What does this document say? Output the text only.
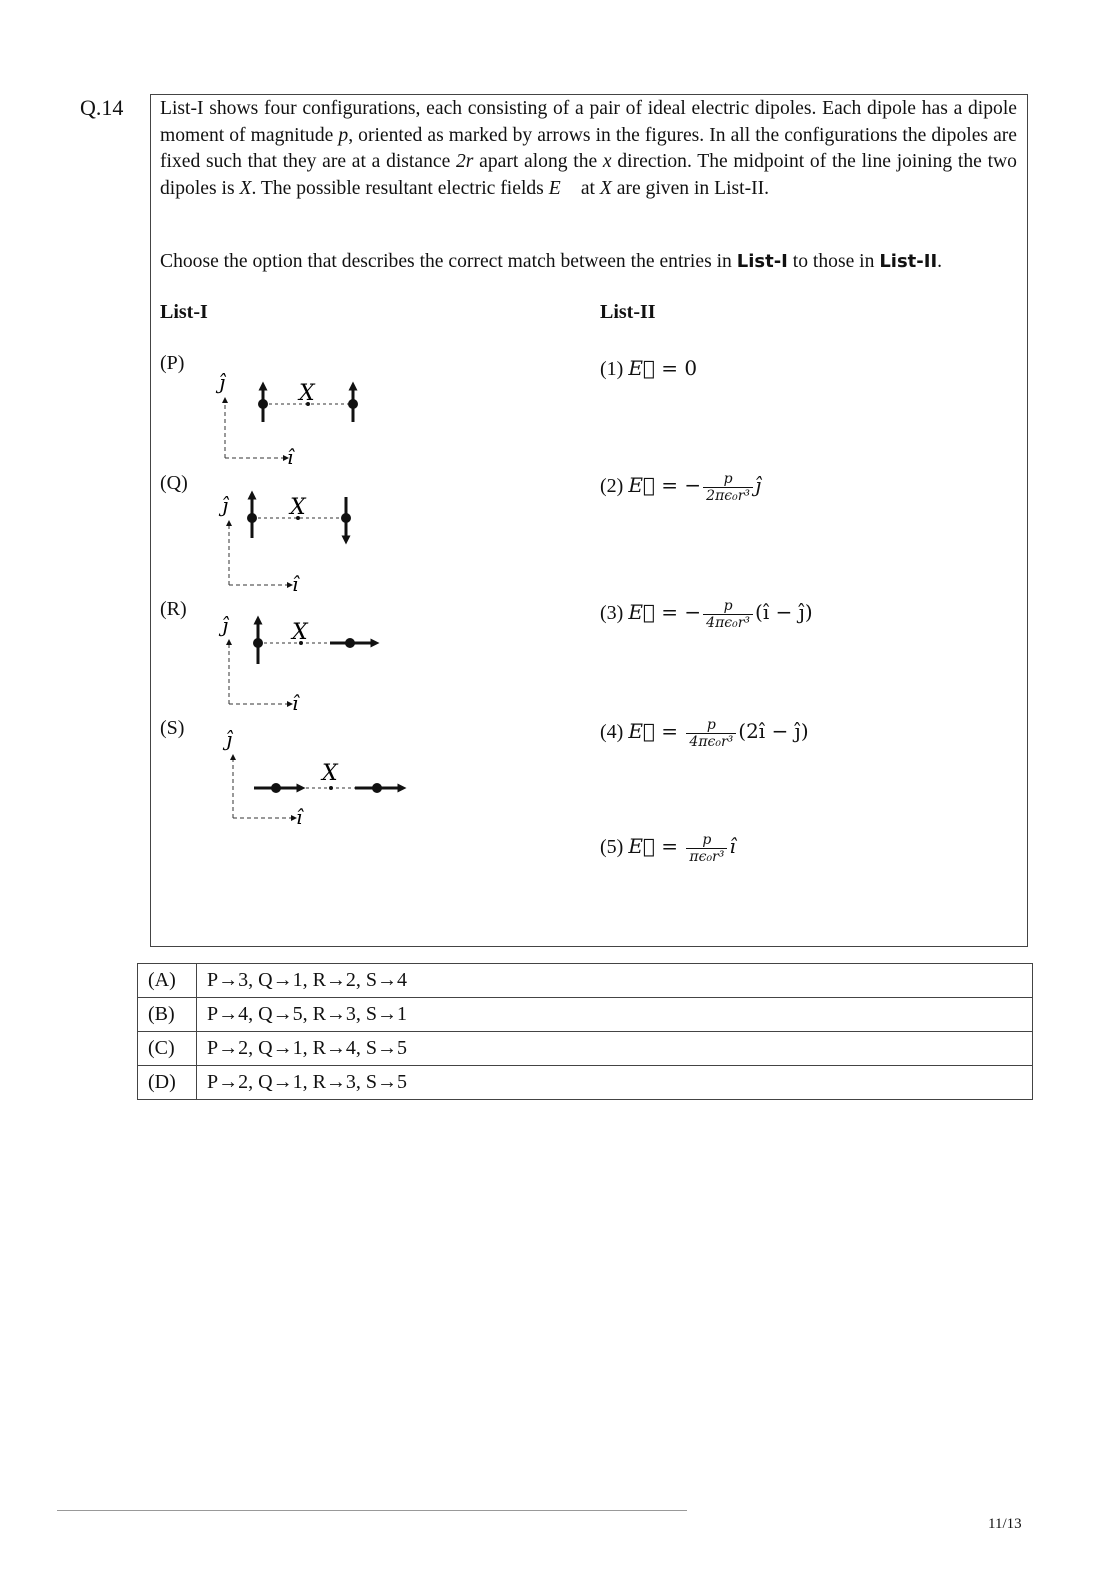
Q.14 List-I shows four configurations, each consisting of a pair of ideal electric dipoles. Each dipole has a dipole moment of magnitude p, oriented as marked by arrows in the figures. In all the configurations the dipoles are fixed such that they are at a distance 2r apart along the x direction. The midpoint of the line joining the two dipoles is X. The possible resultant electric fields E⃗ at X are given in List-II.
Choose the option that describes the correct match between the entries in List-I to those in List-II.
List-I	List-II
(P)
(Q)
(R)
(S)
ĵ
î
X
ĵ
î
X
ĵ
î
X
ĵ
î
X
(1) E⃗ = 0
(2) E⃗ = − $\frac{p}{\text{2πϵ₀r³}}$ ĵ
(3) E⃗ = − $\frac{p}{\text{4πϵ₀r³}}$ (î − ĵ)
(4) E⃗ = $\frac{p}{\text{4πϵ₀r³}}$ (2î − ĵ)
(5) E⃗ = $\frac{p}{\text{πϵ₀r³}}$ î
(A)	P→3, Q→1, R→2, S→4
(B)	P→4, Q→5, R→3, S→1
(C)	P→2, Q→1, R→4, S→5
(D)	P→2, Q→1, R→3, S→5
11/13
